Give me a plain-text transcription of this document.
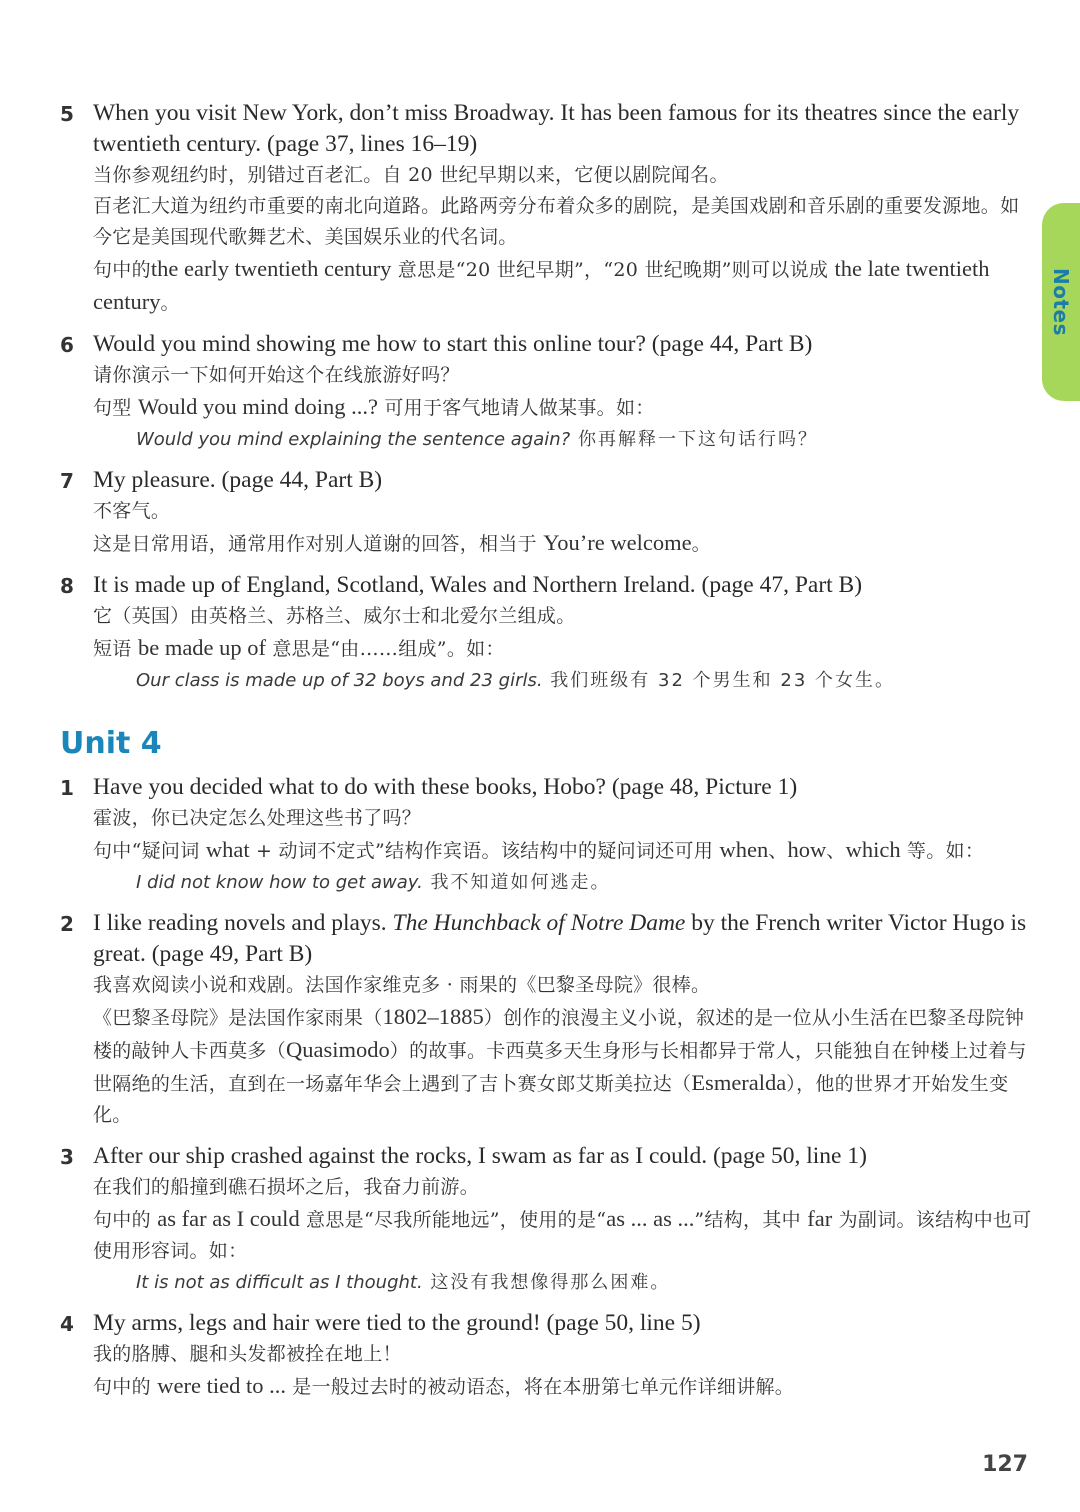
Notes
5 When you visit New York, don’t miss Broadway. It has been famous for its theatres since the early twentieth century. (page 37, lines 16–19)
当你参观纽约时，别错过百老汇。自 20 世纪早期以来，它便以剧院闻名。
百老汇大道为纽约市重要的南北向道路。此路两旁分布着众多的剧院，是美国戏剧和音乐剧的重要发源地。如今它是美国现代歌舞艺术、美国娱乐业的代名词。
句中的the early twentieth century 意思是“20 世纪早期”，“20 世纪晚期”则可以说成 the late twentieth century。
6 Would you mind showing me how to start this online tour? (page 44, Part B)
请你演示一下如何开始这个在线旅游好吗？
句型 Would you mind doing ...? 可用于客气地请人做某事。如：
Would you mind explaining the sentence again? 你再解释一下这句话行吗？
7 My pleasure. (page 44, Part B)
不客气。
这是日常用语，通常用作对别人道谢的回答，相当于 You’re welcome。
8 It is made up of England, Scotland, Wales and Northern Ireland. (page 47, Part B)
它（英国）由英格兰、苏格兰、威尔士和北爱尔兰组成。
短语 be made up of 意思是“由……组成”。如：
Our class is made up of 32 boys and 23 girls. 我们班级有 32 个男生和 23 个女生。
Unit 4
1 Have you decided what to do with these books, Hobo? (page 48, Picture 1)
霍波，你已决定怎么处理这些书了吗？
句中“疑问词 what + 动词不定式”结构作宾语。该结构中的疑问词还可用 when、how、which 等。如：
I did not know how to get away. 我不知道如何逃走。
2 I like reading novels and plays. The Hunchback of Notre Dame by the French writer Victor Hugo is great. (page 49, Part B)
我喜欢阅读小说和戏剧。法国作家维克多 · 雨果的《巴黎圣母院》很棒。
《巴黎圣母院》是法国作家雨果（1802–1885）创作的浪漫主义小说，叙述的是一位从小生活在巴黎圣母院钟楼的敲钟人卡西莫多（Quasimodo）的故事。卡西莫多天生身形与长相都异于常人，只能独自在钟楼上过着与世隔绝的生活，直到在一场嘉年华会上遇到了吉卜赛女郎艾斯美拉达（Esmeralda），他的世界才开始发生变化。
3 After our ship crashed against the rocks, I swam as far as I could. (page 50, line 1)
在我们的船撞到礁石损坏之后，我奋力前游。
句中的 as far as I could 意思是“尽我所能地远”，使用的是“as ... as ...”结构，其中 far 为副词。该结构中也可使用形容词。如：
It is not as difficult as I thought. 这没有我想像得那么困难。
4 My arms, legs and hair were tied to the ground! (page 50, line 5)
我的胳膊、腿和头发都被拴在地上！
句中的 were tied to ... 是一般过去时的被动语态，将在本册第七单元作详细讲解。
127
